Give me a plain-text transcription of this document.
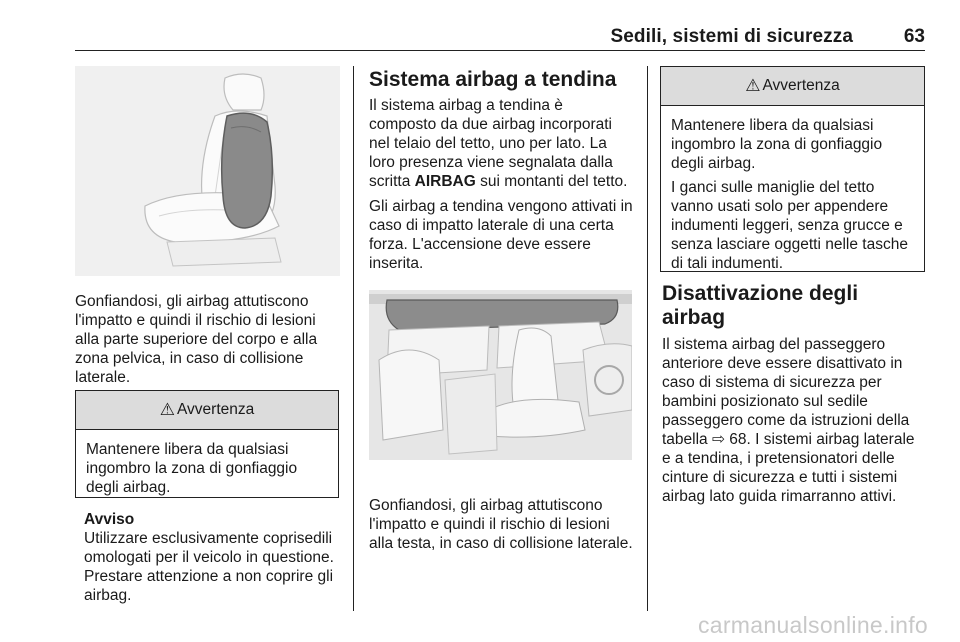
Sedili, sistemi di sicurezza	63

Gonfiandosi, gli airbag attutiscono l'impatto e quindi il rischio di lesioni alla parte superiore del corpo e alla zona pelvica, in caso di collisione laterale.

⚠ Avvertenza

Mantenere libera da qualsiasi ingombro la zona di gonfiaggio degli airbag.

Avviso

Utilizzare esclusivamente coprisedili omologati per il veicolo in questione. Prestare attenzione a non coprire gli airbag.

Sistema airbag a tendina

Il sistema airbag a tendina è composto da due airbag incorporati nel telaio del tetto, uno per lato. La loro presenza viene segnalata dalla scritta AIRBAG sui montanti del tetto.

Gli airbag a tendina vengono attivati in caso di impatto laterale di una certa forza. L'accensione deve essere inserita.

Gonfiandosi, gli airbag attutiscono l'impatto e quindi il rischio di lesioni alla testa, in caso di collisione laterale.

⚠ Avvertenza

Mantenere libera da qualsiasi ingombro la zona di gonfiaggio degli airbag.

I ganci sulle maniglie del tetto vanno usati solo per appendere indumenti leggeri, senza grucce e senza lasciare oggetti nelle tasche di tali indumenti.

Disattivazione degli airbag

Il sistema airbag del passeggero anteriore deve essere disattivato in caso di sistema di sicurezza per bambini posizionato sul sedile passeggero come da istruzioni della tabella ⇨ 68. I sistemi airbag laterale e a tendina, i pretensionatori delle cinture di sicurezza e tutti i sistemi airbag lato guida rimarranno attivi.

carmanualsonline.info
